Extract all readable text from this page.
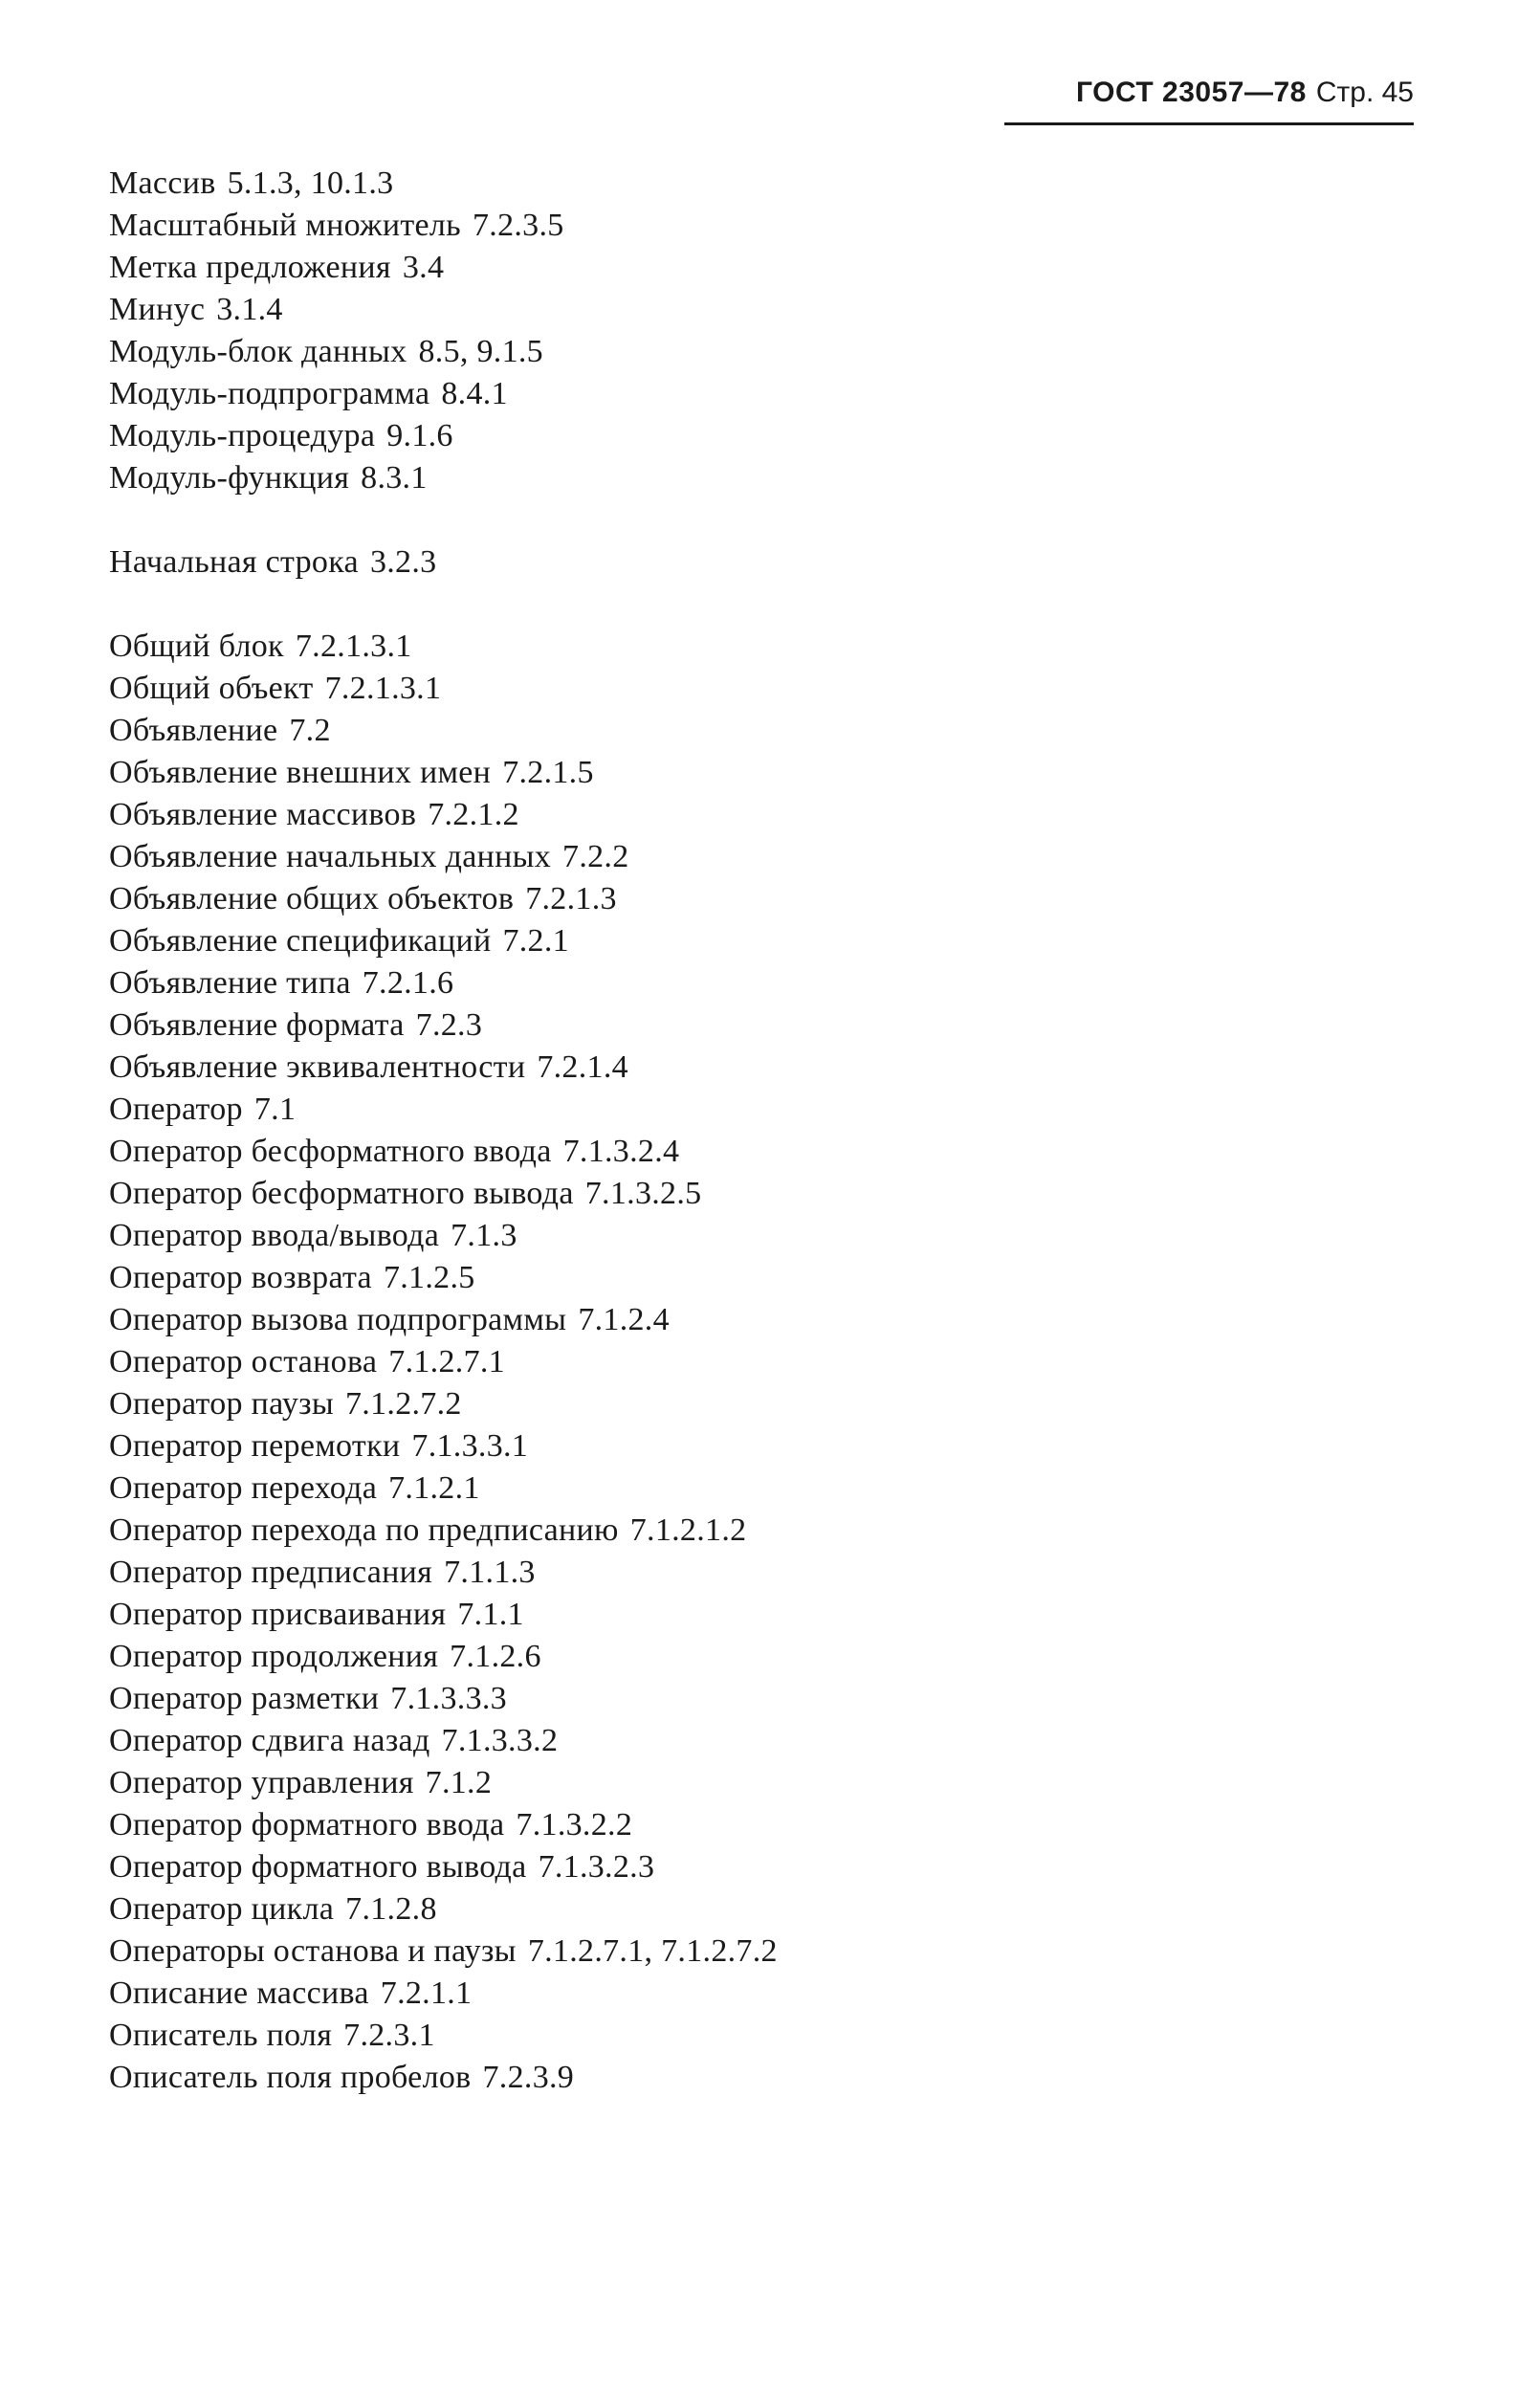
ГОСТ 23057—78 Стр. 45
Массив 5.1.3, 10.1.3
Масштабный множитель 7.2.3.5
Метка предложения 3.4
Минус 3.1.4
Модуль-блок данных 8.5, 9.1.5
Модуль-подпрограмма 8.4.1
Модуль-процедура 9.1.6
Модуль-функция 8.3.1
Начальная строка 3.2.3
Общий блок 7.2.1.3.1
Общий объект 7.2.1.3.1
Объявление 7.2
Объявление внешних имен 7.2.1.5
Объявление массивов 7.2.1.2
Объявление начальных данных 7.2.2
Объявление общих объектов 7.2.1.3
Объявление спецификаций 7.2.1
Объявление типа 7.2.1.6
Объявление формата 7.2.3
Объявление эквивалентности 7.2.1.4
Оператор 7.1
Оператор бесформатного ввода 7.1.3.2.4
Оператор бесформатного вывода 7.1.3.2.5
Оператор ввода/вывода 7.1.3
Оператор возврата 7.1.2.5
Оператор вызова подпрограммы 7.1.2.4
Оператор останова 7.1.2.7.1
Оператор паузы 7.1.2.7.2
Оператор перемотки 7.1.3.3.1
Оператор перехода 7.1.2.1
Оператор перехода по предписанию 7.1.2.1.2
Оператор предписания 7.1.1.3
Оператор присваивания 7.1.1
Оператор продолжения 7.1.2.6
Оператор разметки 7.1.3.3.3
Оператор сдвига назад 7.1.3.3.2
Оператор управления 7.1.2
Оператор форматного ввода 7.1.3.2.2
Оператор форматного вывода 7.1.3.2.3
Оператор цикла 7.1.2.8
Операторы останова и паузы 7.1.2.7.1, 7.1.2.7.2
Описание массива 7.2.1.1
Описатель поля 7.2.3.1
Описатель поля пробелов 7.2.3.9
